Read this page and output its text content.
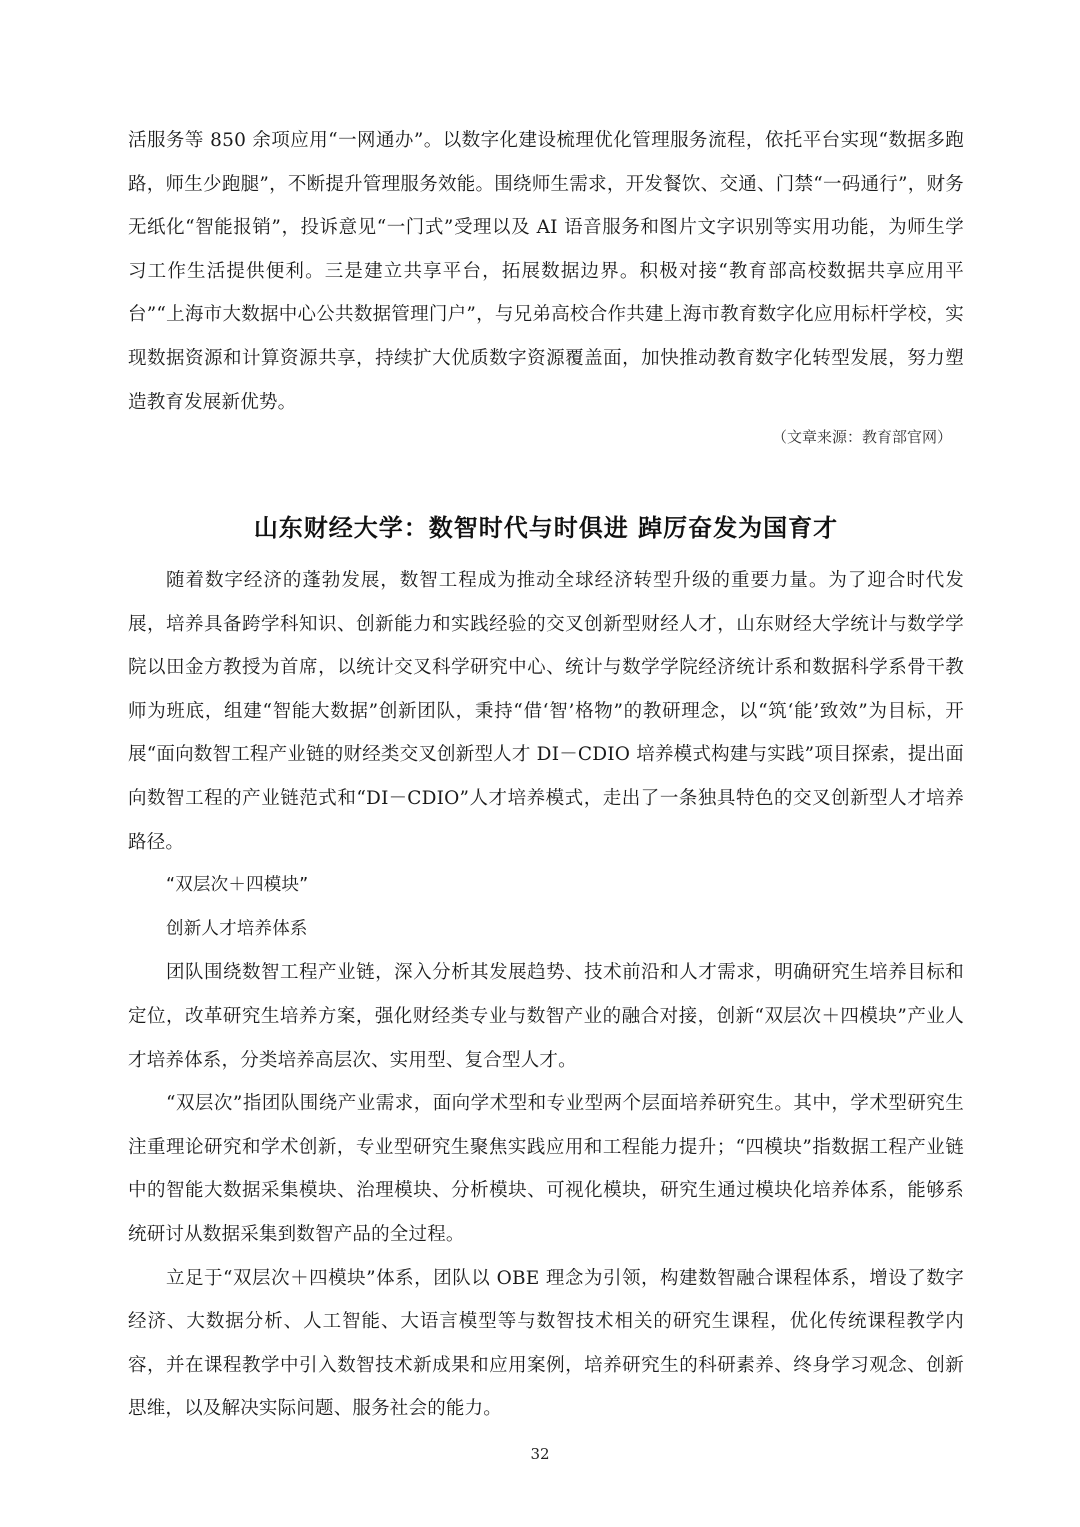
活服务等 850 余项应用“一网通办”。以数字化建设梳理优化管理服务流程，依托平台实现“数据多跑路，师生少跑腿”，不断提升管理服务效能。围绕师生需求，开发餐饮、交通、门禁“一码通行”，财务无纸化“智能报销”，投诉意见“一门式”受理以及 AI 语音服务和图片文字识别等实用功能，为师生学习工作生活提供便利。三是建立共享平台，拓展数据边界。积极对接“教育部高校数据共享应用平台”“上海市大数据中心公共数据管理门户”，与兄弟高校合作共建上海市教育数字化应用标杆学校，实现数据资源和计算资源共享，持续扩大优质数字资源覆盖面，加快推动教育数字化转型发展，努力塑造教育发展新优势。

（文章来源：教育部官网）
山东财经大学：数智时代与时俱进 踔厉奋发为国育才

随着数字经济的蓬勃发展，数智工程成为推动全球经济转型升级的重要力量。为了迎合时代发展，培养具备跨学科知识、创新能力和实践经验的交叉创新型财经人才，山东财经大学统计与数学学院以田金方教授为首席，以统计交叉科学研究中心、统计与数学学院经济统计系和数据科学系骨干教师为班底，组建“智能大数据”创新团队，秉持“借‘智’格物”的教研理念，以“筑‘能’致效”为目标，开展“面向数智工程产业链的财经类交叉创新型人才 DI－CDIO 培养模式构建与实践”项目探索，提出面向数智工程的产业链范式和“DI－CDIO”人才培养模式，走出了一条独具特色的交叉创新型人才培养路径。

“双层次＋四模块”

创新人才培养体系

团队围绕数智工程产业链，深入分析其发展趋势、技术前沿和人才需求，明确研究生培养目标和定位，改革研究生培养方案，强化财经类专业与数智产业的融合对接，创新“双层次＋四模块”产业人才培养体系，分类培养高层次、实用型、复合型人才。

“双层次”指团队围绕产业需求，面向学术型和专业型两个层面培养研究生。其中，学术型研究生注重理论研究和学术创新，专业型研究生聚焦实践应用和工程能力提升；“四模块”指数据工程产业链中的智能大数据采集模块、治理模块、分析模块、可视化模块，研究生通过模块化培养体系，能够系统研讨从数据采集到数智产品的全过程。

立足于“双层次＋四模块”体系，团队以 OBE 理念为引领，构建数智融合课程体系，增设了数字经济、大数据分析、人工智能、大语言模型等与数智技术相关的研究生课程，优化传统课程教学内容，并在课程教学中引入数智技术新成果和应用案例，培养研究生的科研素养、终身学习观念、创新思维，以及解决实际问题、服务社会的能力。

32
